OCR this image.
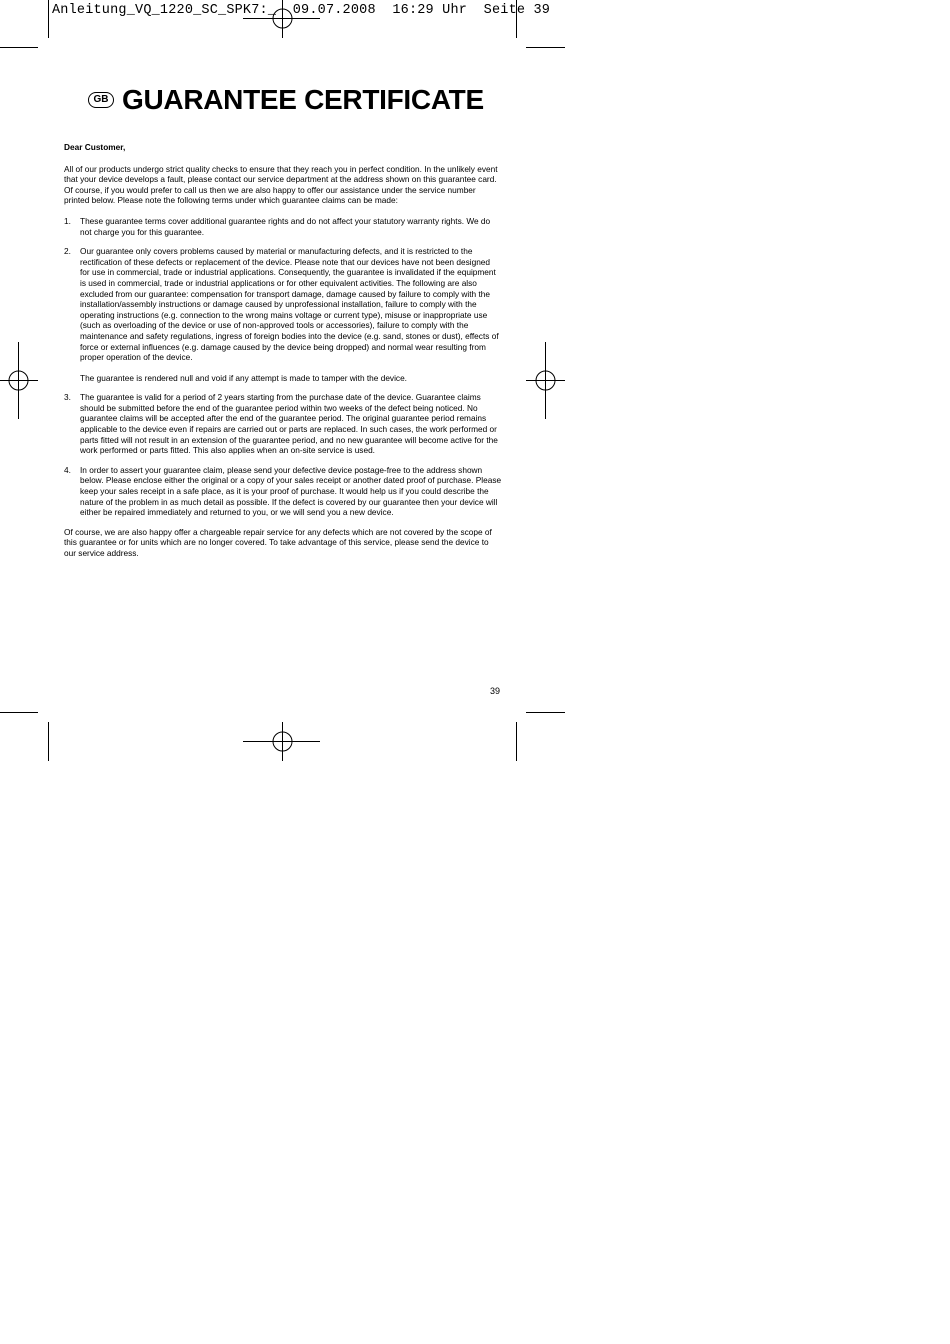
Anleitung_VQ_1220_SC_SPK7:_  09.07.2008  16:29 Uhr  Seite 39
GB GUARANTEE CERTIFICATE

Dear Customer,

All of our products undergo strict quality checks to ensure that they reach you in perfect condition. In the unlikely event that your device develops a fault, please contact our service department at the address shown on this guarantee card. Of course, if you would prefer to call us then we are also happy to offer our assistance under the service number printed below. Please note the following terms under which guarantee claims can be made:

1.	These guarantee terms cover additional guarantee rights and do not affect your statutory warranty rights. We do not charge you for this guarantee.
2.	Our guarantee only covers problems caused by material or manufacturing defects, and it is restricted to the rectification of these defects or replacement of the device. Please note that our devices have not been designed for use in commercial, trade or industrial applications. Consequently, the guarantee is invalidated if the equipment is used in commercial, trade or industrial applications or for other equivalent activities. The following are also excluded from our guarantee: compensation for transport damage, damage caused by failure to comply with the installation/assembly instructions or damage caused by unprofessional installation, failure to comply with the operating instructions (e.g. connection to the wrong mains voltage or current type), misuse or inappropriate use (such as overloading of the device or use of non-approved tools or accessories), failure to comply with the maintenance and safety regulations, ingress of foreign bodies into the device (e.g. sand, stones or dust), effects of force or external influences (e.g. damage caused by the device being dropped) and normal wear resulting from proper operation of the device.
The guarantee is rendered null and void if any attempt is made to tamper with the device.
3.	The guarantee is valid for a period of 2 years starting from the purchase date of the device. Guarantee claims should be submitted before the end of the guarantee period within two weeks of the defect being noticed. No guarantee claims will be accepted after the end of the guarantee period. The original guarantee period remains applicable to the device even if repairs are carried out or parts are replaced. In such cases, the work performed or parts fitted will not result in an extension of the guarantee period, and no new guarantee will become active for the work performed or parts fitted. This also applies when an on-site service is used.
4.	In order to assert your guarantee claim, please send your defective device postage-free to the address shown below. Please enclose either the original or a copy of your sales receipt or another dated proof of purchase. Please keep your sales receipt in a safe place, as it is your proof of purchase. It would help us if you could describe the nature of the problem in as much detail as possible. If the defect is covered by our guarantee then your device will either be repaired immediately and returned to you, or we will send you a new device.

Of course, we are also happy offer a chargeable repair service for any defects which are not covered by the scope of this guarantee or for units which are no longer covered. To take advantage of this service, please send the device to our service address.

39
